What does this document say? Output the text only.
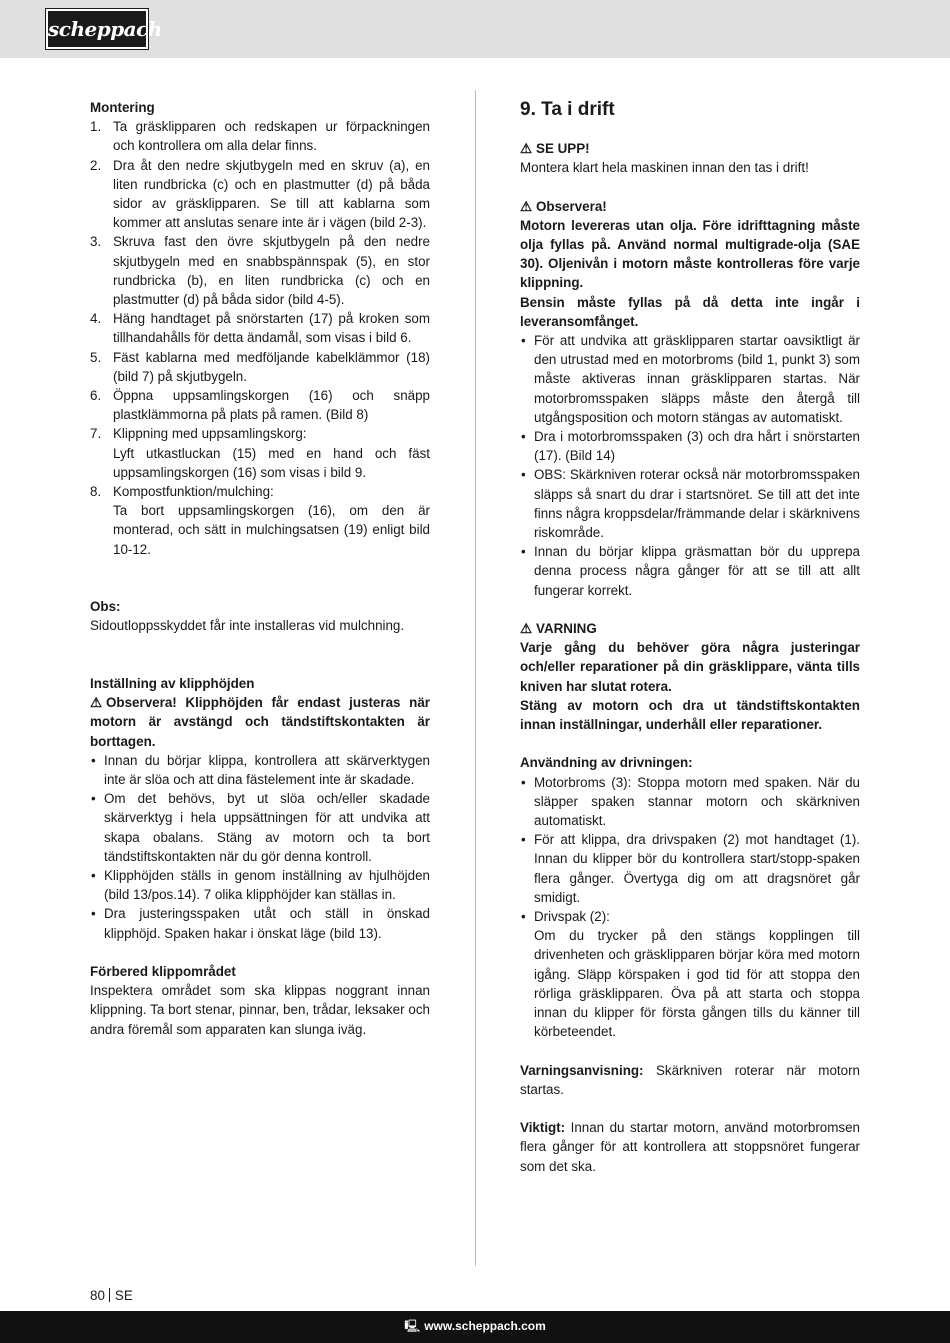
scheppach
Montering
1. Ta gräsklipparen och redskapen ur förpackningen och kontrollera om alla delar finns.
2. Dra åt den nedre skjutbygeln med en skruv (a), en liten rundbricka (c) och en plastmutter (d) på båda sidor av gräsklipparen. Se till att kablarna som kommer att anslutas senare inte är i vägen (bild 2-3).
3. Skruva fast den övre skjutbygeln på den nedre skjutbygeln med en snabbspännspak (5), en stor rundbricka (b), en liten rundbricka (c) och en plastmutter (d) på båda sidor (bild 4-5).
4. Häng handtaget på snörstarten (17) på kroken som tillhandahålls för detta ändamål, som visas i bild 6.
5. Fäst kablarna med medföljande kabelklämmor (18) (bild 7) på skjutbygeln.
6. Öppna uppsamlingskorgen (16) och snäpp plastklämmorna på plats på ramen. (Bild 8)
7. Klippning med uppsamlingskorg:
Lyft utkastluckan (15) med en hand och fäst uppsamlingskorgen (16) som visas i bild 9.
8. Kompostfunktion/mulching:
Ta bort uppsamlingskorgen (16), om den är monterad, och sätt in mulchingsatsen (19) enligt bild 10-12.
Obs:
Sidoutloppsskyddet får inte installeras vid mulchning.
Inställning av klipphöjden
⚠ Observera! Klipphöjden får endast justeras när motorn är avstängd och tändstiftskontakten är borttagen.
• Innan du börjar klippa, kontrollera att skärverktygen inte är slöa och att dina fästelement inte är skadade.
• Om det behövs, byt ut slöa och/eller skadade skärverktyg i hela uppsättningen för att undvika att skapa obalans. Stäng av motorn och ta bort tändstiftskontakten när du gör denna kontroll.
• Klipphöjden ställs in genom inställning av hjulhöjden (bild 13/pos.14). 7 olika klipphöjder kan ställas in.
• Dra justeringsspaken utåt och ställ in önskad klipphöjd. Spaken hakar i önskat läge (bild 13).
Förbered klippområdet
Inspektera området som ska klippas noggrant innan klippning. Ta bort stenar, pinnar, ben, trådar, leksaker och andra föremål som apparaten kan slunga iväg.
9. Ta i drift
⚠ SE UPP!
Montera klart hela maskinen innan den tas i drift!
⚠ Observera!
Motorn levereras utan olja. Före idrifttagning måste olja fyllas på. Använd normal multigrade-olja (SAE 30). Oljenivån i motorn måste kontrolleras före varje klippning.
Bensin måste fyllas på då detta inte ingår i leveransomfånget.
• För att undvika att gräsklipparen startar oavsiktligt är den utrustad med en motorbroms (bild 1, punkt 3) som måste aktiveras innan gräsklipparen startas. När motorbromsspaken släpps måste den återgå till utgångsposition och motorn stängas av automatiskt.
• Dra i motorbromsspaken (3) och dra hårt i snörstarten (17). (Bild 14)
• OBS: Skärkniven roterar också när motorbromsspaken släpps så snart du drar i startsnöret. Se till att det inte finns några kroppsdelar/främmande delar i skärknivens riskområde.
• Innan du börjar klippa gräsmattan bör du upprepa denna process några gånger för att se till att allt fungerar korrekt.
⚠ VARNING
Varje gång du behöver göra några justeringar och/eller reparationer på din gräsklippare, vänta tills kniven har slutat rotera.
Stäng av motorn och dra ut tändstiftskontakten innan inställningar, underhåll eller reparationer.
Användning av drivningen:
• Motorbroms (3): Stoppa motorn med spaken. När du släpper spaken stannar motorn och skärkniven automatiskt.
• För att klippa, dra drivspaken (2) mot handtaget (1). Innan du klipper bör du kontrollera start/stopp-spaken flera gånger. Övertyga dig om att dragsnöret går smidigt.
• Drivspak (2):
Om du trycker på den stängs kopplingen till drivenheten och gräsklipparen börjar köra med motorn igång. Släpp körspaken i god tid för att stoppa den rörliga gräsklipparen. Öva på att starta och stoppa innan du klipper för första gången tills du känner till körbeteendet.
Varningsanvisning: Skärkniven roterar när motorn startas.
Viktigt: Innan du startar motorn, använd motorbromsen flera gånger för att kontrollera att stoppsnöret fungerar som det ska.
80 SE
🖳 www.scheppach.com
